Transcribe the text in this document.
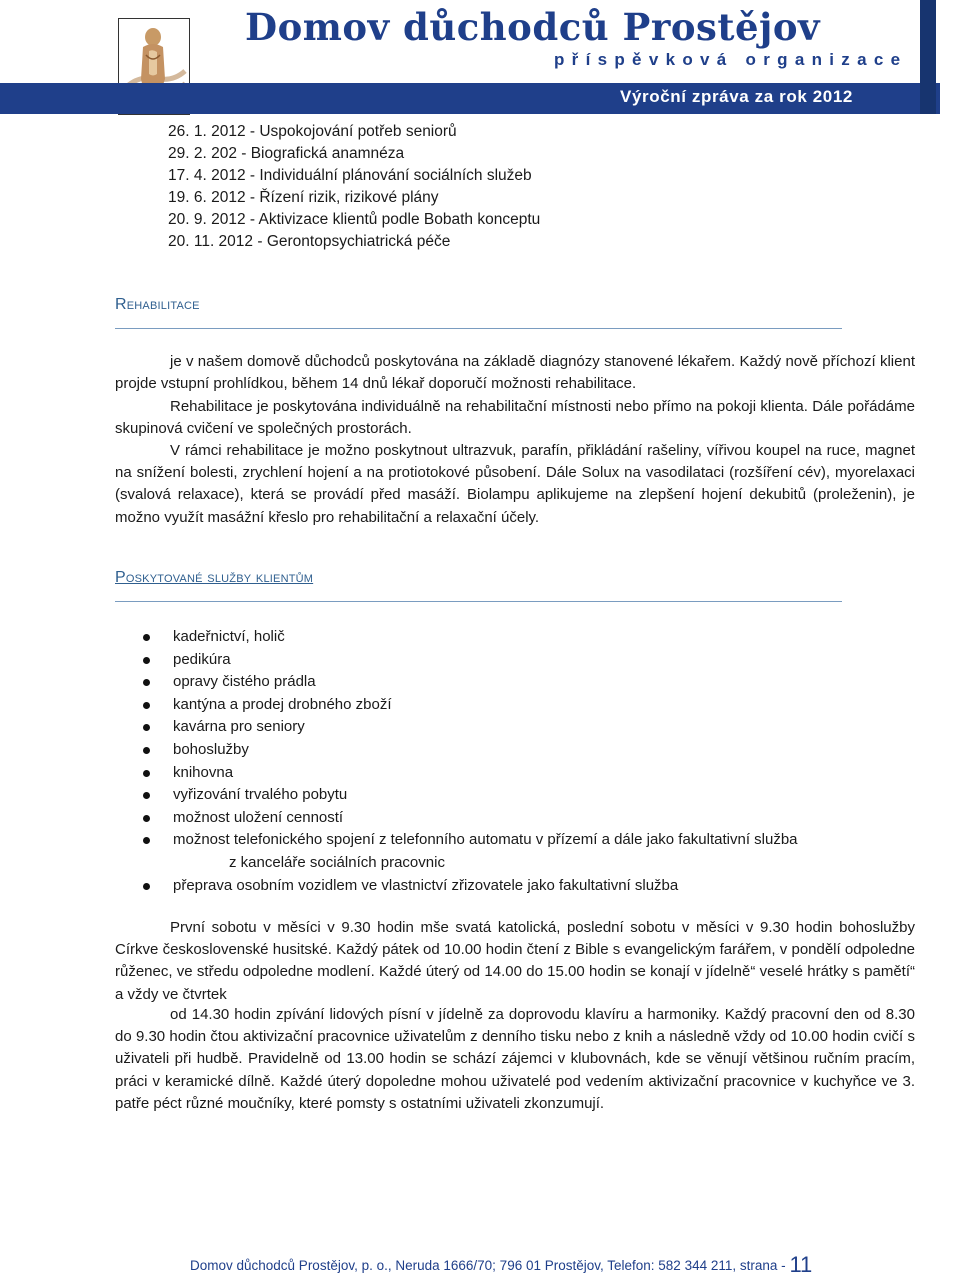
Domov důchodců Prostějov
příspěvková organizace
Výroční zpráva za rok 2012
26. 1. 2012 - Uspokojování potřeb seniorů
29. 2. 202 - Biografická anamnéza
17. 4. 2012 - Individuální plánování sociálních služeb
19. 6. 2012 - Řízení rizik, rizikové plány
20. 9. 2012 - Aktivizace klientů podle Bobath konceptu
20. 11. 2012 - Gerontopsychiatrická péče
Rehabilitace

je v našem domově důchodců poskytována na základě diagnózy stanovené lékařem. Každý nově příchozí klient projde vstupní prohlídkou, během 14 dnů lékař doporučí možnosti rehabilitace.

Rehabilitace je poskytována individuálně na rehabilitační místnosti nebo přímo na pokoji klienta. Dále pořádáme skupinová cvičení ve společných prostorách.

V rámci rehabilitace je možno poskytnout ultrazvuk, parafín, přikládání rašeliny, vířivou koupel na ruce, magnet na snížení bolesti, zrychlení hojení a na protiotokové působení. Dále Solux na vasodilataci (rozšíření cév), myorelaxaci (svalová relaxace), která se provádí před masáží. Biolampu aplikujeme na zlepšení hojení dekubitů (proleženin), je možno využít masážní křeslo pro rehabilitační a relaxační účely.

Poskytované služby klientům
kadeřnictví, holič
pedikúra
opravy čistého prádla
kantýna a prodej drobného zboží
kavárna pro seniory
bohoslužby
knihovna
vyřizování trvalého pobytu
možnost uložení cenností
možnost telefonického spojení z telefonního automatu v přízemí a dále jako fakultativní služba
z kanceláře sociálních pracovnic
přeprava osobním vozidlem ve vlastnictví zřizovatele jako fakultativní služba

První sobotu v měsíci v 9.30 hodin mše svatá katolická, poslední sobotu v měsíci v 9.30 hodin bohoslužby Církve československé husitské. Každý pátek od 10.00 hodin čtení z Bible s evangelickým farářem, v pondělí odpoledne růženec, ve středu odpoledne modlení. Každé úterý od 14.00 do 15.00 hodin se konají v jídelně“ veselé hrátky s pamětí“ a vždy ve čtvrtek

od 14.30 hodin zpívání lidových písní v jídelně za doprovodu klavíru a harmoniky. Každý pracovní den od 8.30 do 9.30 hodin čtou aktivizační pracovnice uživatelům z denního tisku nebo z knih a následně vždy od 10.00 hodin cvičí s uživateli při hudbě. Pravidelně od 13.00 hodin se schází zájemci v klubovnách, kde se věnují většinou ručním pracím, práci v keramické dílně. Každé úterý dopoledne mohou uživatelé pod vedením aktivizační pracovnice v kuchyňce ve 3. patře péct různé moučníky, které pomsty s ostatními uživateli zkonzumují.

Domov důchodců Prostějov, p. o., Neruda 1666/70; 796 01 Prostějov, Telefon: 582 344 211, strana - 11
